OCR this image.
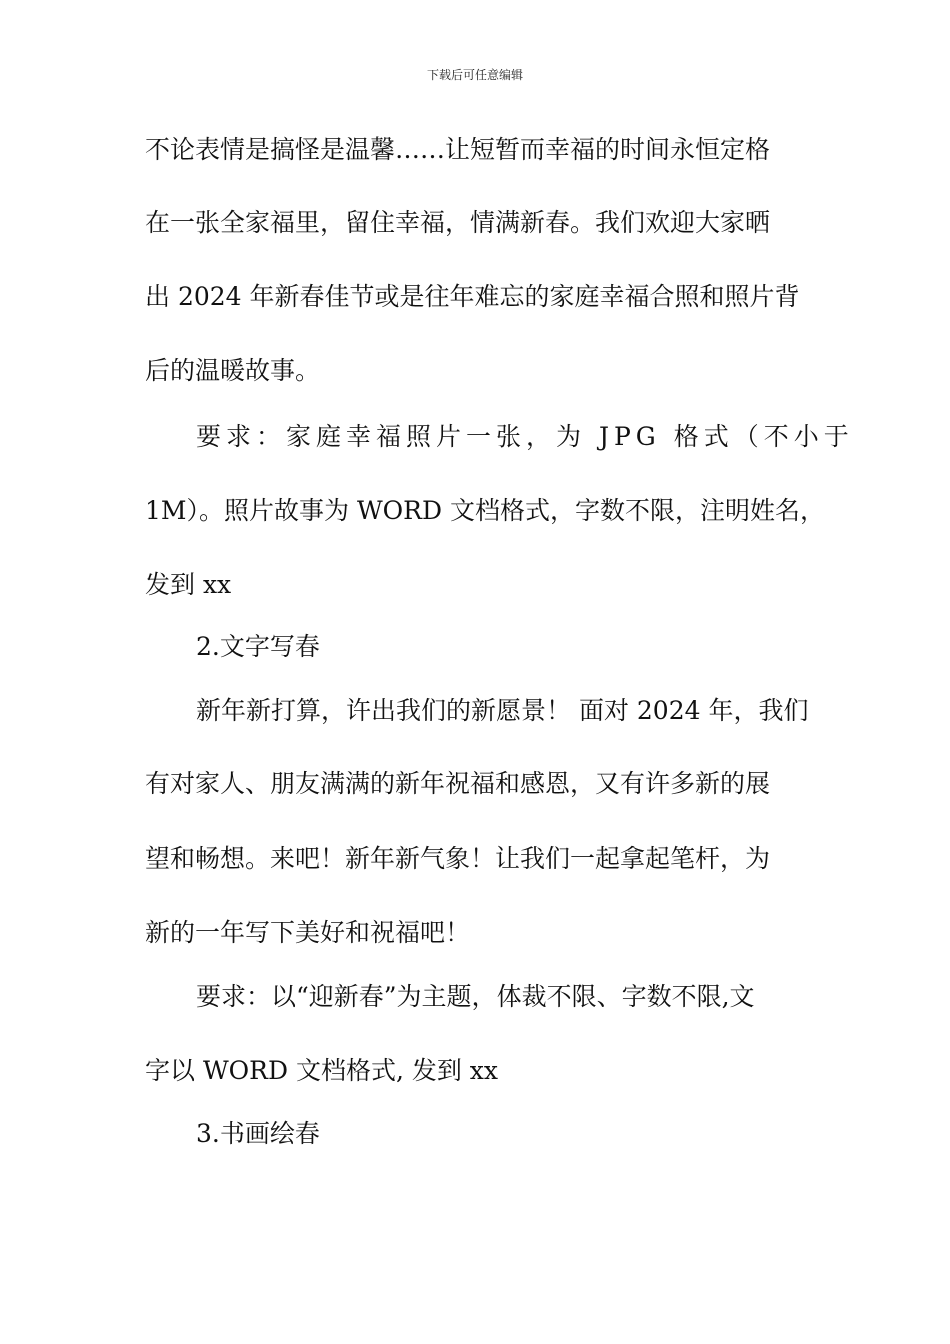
下载后可任意编辑
不论表情是搞怪是温馨……让短暂而幸福的时间永恒定格
在一张全家福里，留住幸福，情满新春。我们欢迎大家晒
出 2024 年新春佳节或是往年难忘的家庭幸福合照和照片背
后的温暖故事。
要求：家庭幸福照片一张，为 JPG 格式（不小于
1M）。照片故事为 WORD 文档格式，字数不限，注明姓名，
发到 xx
2.文字写春
新年新打算，许出我们的新愿景！ 面对 2024 年，我们
有对家人、朋友满满的新年祝福和感恩，又有许多新的展
望和畅想。来吧！新年新气象！让我们一起拿起笔杆，为
新的一年写下美好和祝福吧！
要求：以“迎新春”为主题，体裁不限、字数不限,文
字以 WORD 文档格式, 发到 xx
3.书画绘春
